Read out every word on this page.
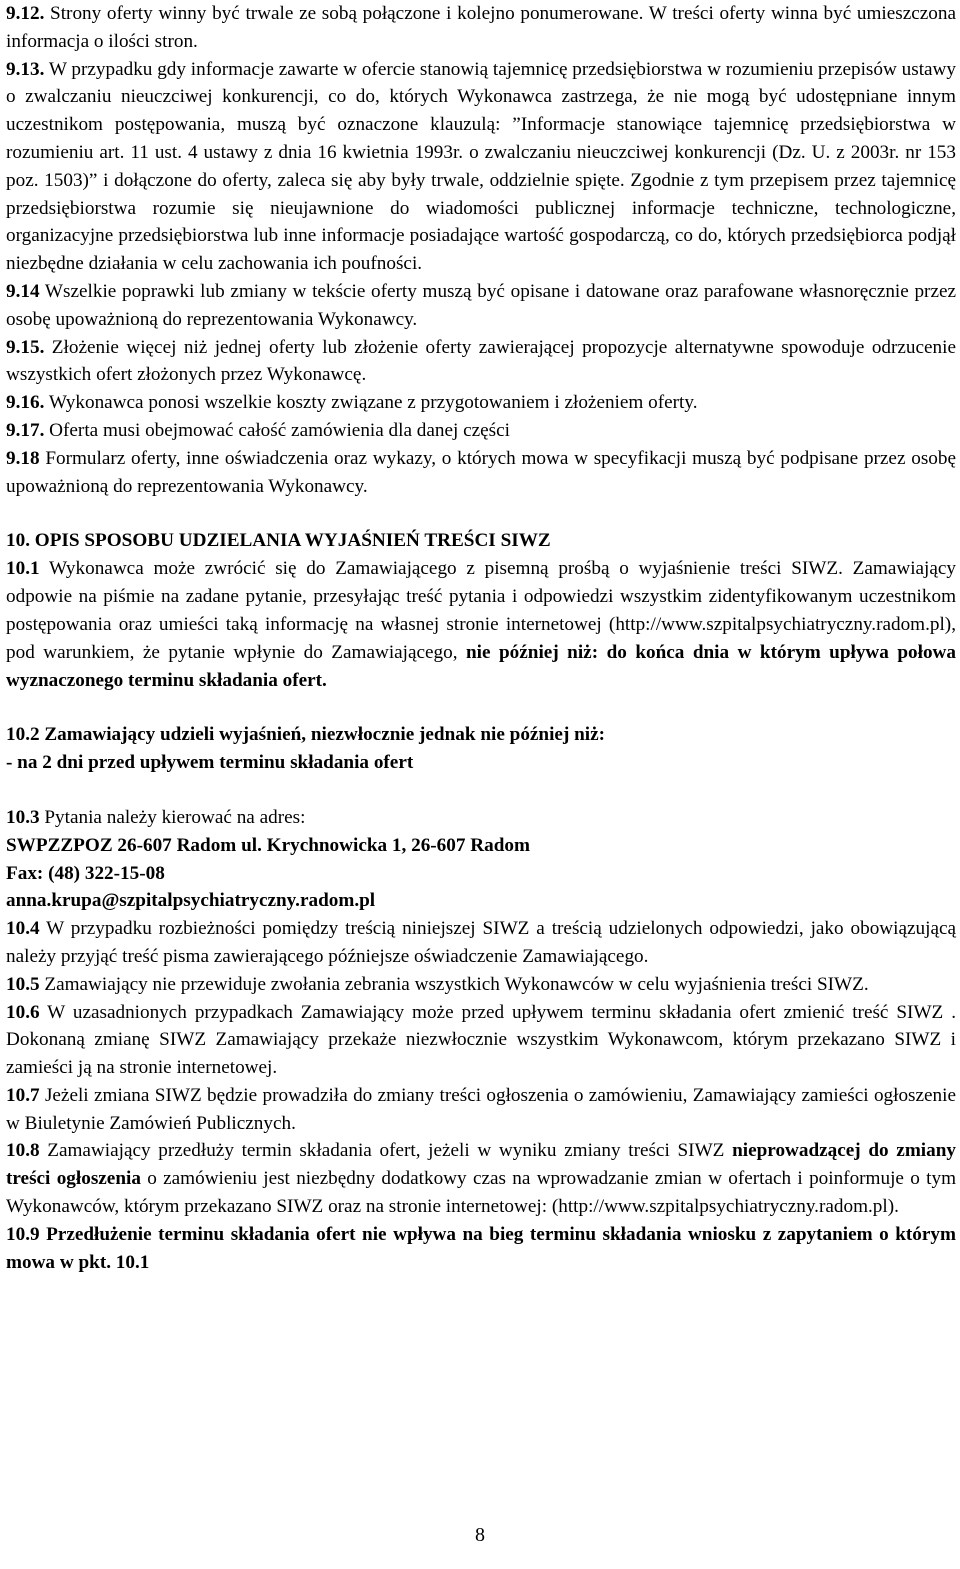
9.12. Strony oferty winny być trwale ze sobą połączone i kolejno ponumerowane. W treści oferty winna być umieszczona informacja o ilości stron.

9.13. W przypadku gdy informacje zawarte w ofercie stanowią tajemnicę przedsiębiorstwa w rozumieniu przepisów ustawy o zwalczaniu nieuczciwej konkurencji, co do, których Wykonawca zastrzega, że nie mogą być udostępniane innym uczestnikom postępowania, muszą być oznaczone klauzulą: ”Informacje stanowiące tajemnicę przedsiębiorstwa w rozumieniu art. 11 ust. 4 ustawy z dnia 16 kwietnia 1993r. o zwalczaniu nieuczciwej konkurencji (Dz. U. z 2003r. nr 153 poz. 1503)” i dołączone do oferty, zaleca się aby były trwale, oddzielnie spięte. Zgodnie z tym przepisem przez tajemnicę przedsiębiorstwa rozumie się nieujawnione do wiadomości publicznej informacje techniczne, technologiczne, organizacyjne przedsiębiorstwa lub inne informacje posiadające wartość gospodarczą, co do, których przedsiębiorca podjął niezbędne działania w celu zachowania ich poufności.

9.14 Wszelkie poprawki lub zmiany w tekście oferty muszą być opisane i datowane oraz parafowane własnoręcznie przez osobę upoważnioną do reprezentowania Wykonawcy.

9.15. Złożenie więcej niż jednej oferty lub złożenie oferty zawierającej propozycje alternatywne spowoduje odrzucenie wszystkich ofert złożonych przez Wykonawcę.

9.16. Wykonawca ponosi wszelkie koszty związane z przygotowaniem i złożeniem oferty.

9.17. Oferta musi obejmować całość zamówienia dla danej części

9.18 Formularz oferty, inne oświadczenia oraz wykazy, o których mowa w specyfikacji muszą być podpisane przez osobę upoważnioną do reprezentowania Wykonawcy.

10. OPIS SPOSOBU UDZIELANIA WYJAŚNIEŃ TREŚCI SIWZ

10.1 Wykonawca może zwrócić się do Zamawiającego z pisemną prośbą o wyjaśnienie treści SIWZ. Zamawiający odpowie na piśmie na zadane pytanie, przesyłając treść pytania i odpowiedzi wszystkim zidentyfikowanym uczestnikom postępowania oraz umieści taką informację na własnej stronie internetowej (http://www.szpitalpsychiatryczny.radom.pl), pod warunkiem, że pytanie wpłynie do Zamawiającego, nie później niż: do końca dnia w którym upływa połowa wyznaczonego terminu składania ofert.

10.2 Zamawiający udzieli wyjaśnień, niezwłocznie jednak nie później niż:
- na 2 dni przed upływem terminu składania ofert

10.3 Pytania należy kierować na adres:
SWPZZPOZ 26-607 Radom ul. Krychnowicka 1, 26-607 Radom
Fax: (48) 322-15-08
anna.krupa@szpitalpsychiatryczny.radom.pl

10.4 W przypadku rozbieżności pomiędzy treścią niniejszej SIWZ a treścią udzielonych odpowiedzi, jako obowiązującą należy przyjąć treść pisma zawierającego późniejsze oświadczenie Zamawiającego.

10.5 Zamawiający nie przewiduje zwołania zebrania wszystkich Wykonawców w celu wyjaśnienia treści SIWZ.

10.6 W uzasadnionych przypadkach Zamawiający może przed upływem terminu składania ofert zmienić treść SIWZ . Dokonaną zmianę SIWZ Zamawiający przekaże niezwłocznie wszystkim Wykonawcom, którym przekazano SIWZ i zamieści ją na stronie internetowej.

10.7 Jeżeli zmiana SIWZ będzie prowadziła do zmiany treści ogłoszenia o zamówieniu, Zamawiający zamieści ogłoszenie w Biuletynie Zamówień Publicznych.

10.8 Zamawiający przedłuży termin składania ofert, jeżeli w wyniku zmiany treści SIWZ nieprowadzącej do zmiany treści ogłoszenia o zamówieniu jest niezbędny dodatkowy czas na wprowadzanie zmian w ofertach i poinformuje o tym Wykonawców, którym przekazano SIWZ oraz na stronie internetowej: (http://www.szpitalpsychiatryczny.radom.pl).

10.9 Przedłużenie terminu składania ofert nie wpływa na bieg terminu składania wniosku z zapytaniem o którym mowa w pkt. 10.1

8
